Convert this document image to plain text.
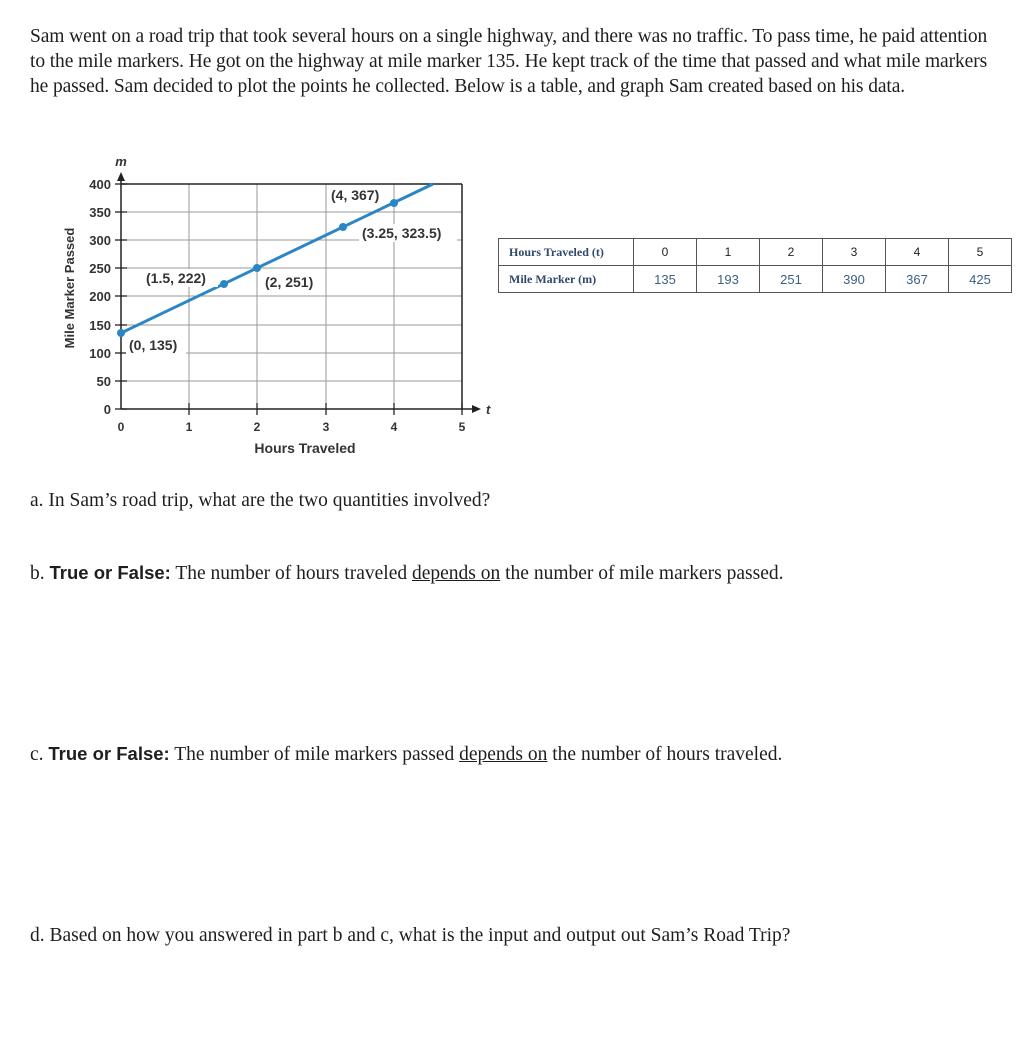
Sam went on a road trip that took several hours on a single highway, and there was no traffic. To pass time, he paid attention to the mile markers. He got on the highway at mile marker 135. He kept track of the time that passed and what mile markers he passed. Sam decided to plot the points he collected. Below is a table, and graph Sam created based on his data.
400
350
300
250
200
150
100
50
0
0	1	2	3	4	5
m
t
Hours Traveled
Mile Marker Passed	(0, 135)
(1.5, 222)	(2, 251)
(3.25, 323.5)
(4, 367)
Hours Traveled (t)	0	1	2	3	4	5
Mile Marker (m)	135	193	251	390	367	425
a. In Sam’s road trip, what are the two quantities involved?
b. True or False: The number of hours traveled depends on the number of mile markers passed.
c. True or False: The number of mile markers passed depends on the number of hours traveled.
d. Based on how you answered in part b and c, what is the input and output out Sam’s Road Trip?
